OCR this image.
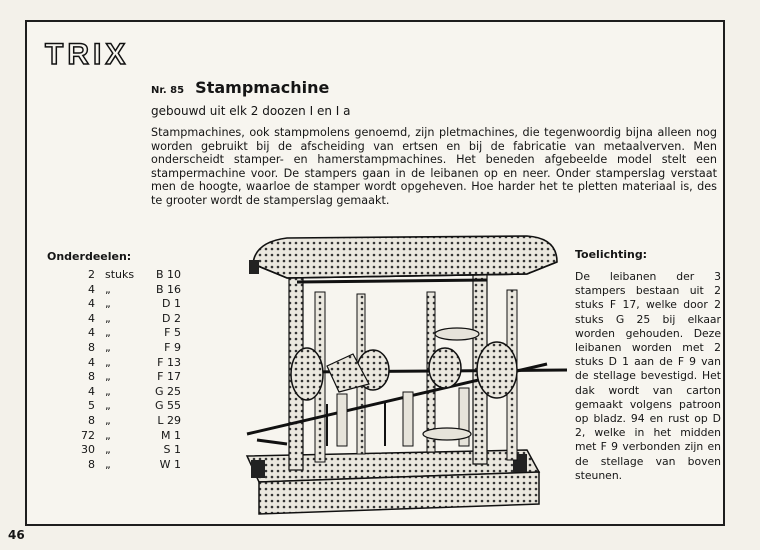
TRIX
Nr. 85 Stampmachine
gebouwd uit elk 2 doozen I en I a

Stampmachines, ook stampmolens genoemd, zijn pletmachines, die tegenwoordig bijna alleen nog worden gebruikt bij de afscheiding van ertsen en bij de fabricatie van metaalverven. Men onderscheidt stamper- en hamerstampmachines. Het beneden afgebeelde model stelt een stampermachine voor. De stampers gaan in de leibanen op en neer. Onder stamperslag verstaat men de hoogte, waarloe de stamper wordt opgeheven. Hoe harder het te pletten materiaal is, des te grooter wordt de stamperslag gemaakt.

Onderdeelen:
2	stuks	B 10
4	„	B 16
4	„	D 1
4	„	D 2
4	„	F 5
8	„	F 9
4	„	F 13
8	„	F 17
4	„	G 25
5	„	G 55
8	„	L 29
72	„	M 1
30	„	S 1
8	„	W 1
Toelichting:

De leibanen der 3 stampers bestaan uit 2 stuks F 17, welke door 2 stuks G 25 bij elkaar worden gehouden. Deze leibanen worden met 2 stuks D 1 aan de F 9 van de stellage bevestigd. Het dak wordt van carton gemaakt volgens patroon op bladz. 94 en rust op D 2, welke in het midden met F 9 verbonden zijn en de stellage van boven steunen.

46
